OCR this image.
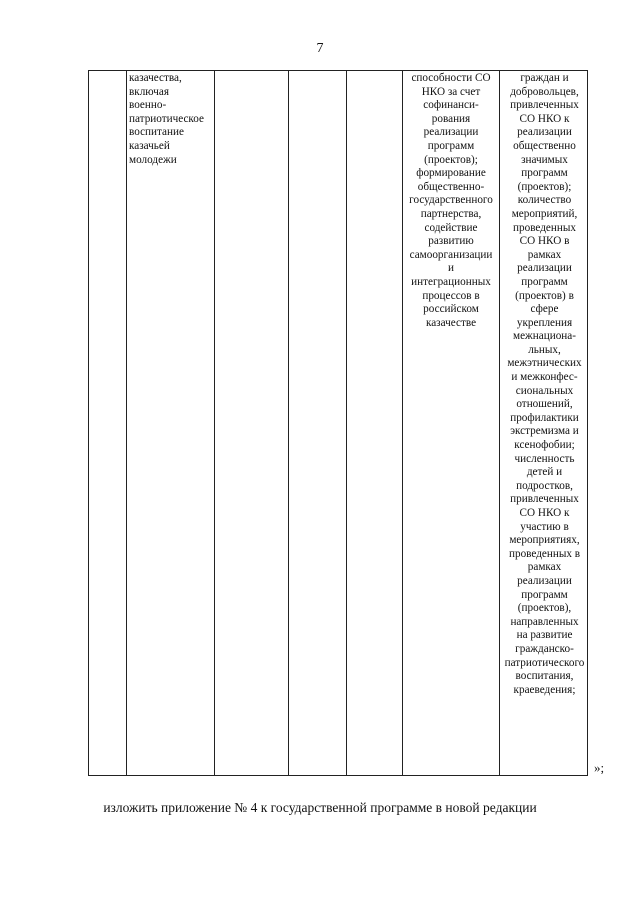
7
казачества,
включая
военно-
патриотическое
воспитание
казачьей
молодежи
способности СО
НКО за счет
софинанси-
рования
реализации
программ
(проектов);
формирование
общественно-
государственного
партнерства,
содействие
развитию
самоорганизации
и
интеграционных
процессов в
российском
казачестве
граждан и
добровольцев,
привлеченных
СО НКО к
реализации
общественно
значимых
программ
(проектов);
количество
мероприятий,
проведенных
СО НКО в
рамках
реализации
программ
(проектов) в
сфере
укрепления
межнациона-
льных,
межэтнических
и межконфес-
сиональных
отношений,
профилактики
экстремизма и
ксенофобии;
численность
детей и
подростков,
привлеченных
СО НКО к
участию в
мероприятиях,
проведенных в
рамках
реализации
программ
(проектов),
направленных
на развитие
гражданско-
патриотического
воспитания,
краеведения;
»;
изложить приложение № 4 к государственной программе в новой редакции
